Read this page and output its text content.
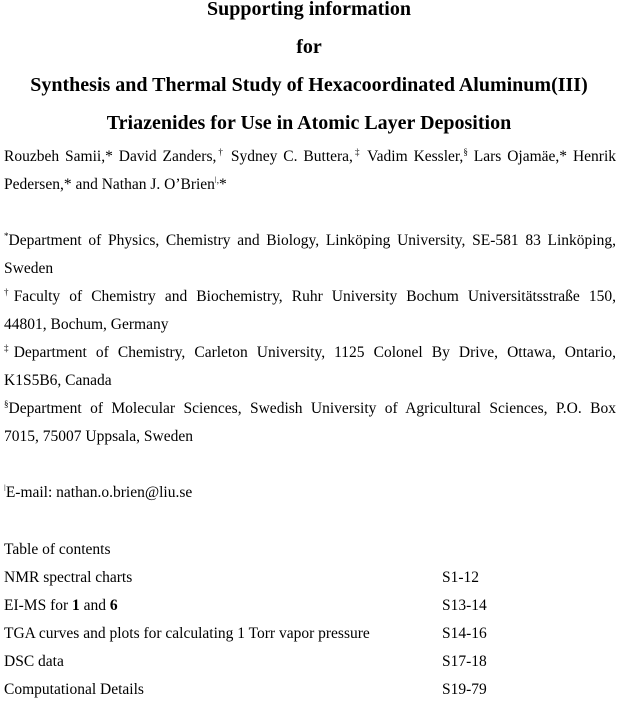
Supporting information
for
Synthesis and Thermal Study of Hexacoordinated Aluminum(III)
Triazenides for Use in Atomic Layer Deposition
Rouzbeh Samii,* David Zanders,† Sydney C. Buttera,‡ Vadim Kessler,§ Lars Ojamäe,* Henrik
Pedersen,* and Nathan J. O’Brien$^{ǀ,}$*
*Department of Physics, Chemistry and Biology, Linköping University, SE-581 83 Linköping,
Sweden
†Faculty of Chemistry and Biochemistry, Ruhr University Bochum Universitätsstraße 150,
44801, Bochum, Germany
‡Department of Chemistry, Carleton University, 1125 Colonel By Drive, Ottawa, Ontario,
K1S5B6, Canada
§Department of Molecular Sciences, Swedish University of Agricultural Sciences, P.O. Box
7015, 75007 Uppsala, Sweden
$^ǀ$E-mail: nathan.o.brien@liu.se
Table of contents
NMR spectral charts	S1-12
EI-MS for 1 and 6	S13-14
TGA curves and plots for calculating 1 Torr vapor pressure	S14-16
DSC data	S17-18
Computational Details	S19-79
